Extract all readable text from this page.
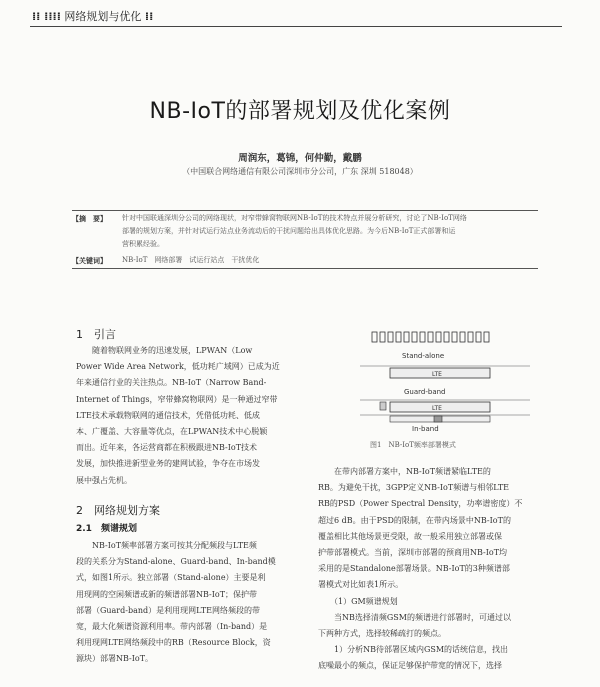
⁞⁞ ⁞⁞⁞⁞ 网络规划与优化 ⁞⁞
NB-IoT的部署规划及优化案例
周润东，葛锦，何仲勤，戴鹏
（中国联合网络通信有限公司深圳市分公司，广东 深圳 518048）
【摘　要】	针对中国联通深圳分公司的网络现状，对窄带蜂窝物联网NB-IoT的技术特点并展分析研究，讨论了NB-IoT网络
部署的规划方案，并针对试运行站点业务流动后的干扰问题给出具体优化思路。为今后NB-IoT正式部署和运
营积累经验。
【关键词】	NB-IoT　网络部署　试运行站点　干扰优化
1　引言
　　随着物联网业务的迅速发展，LPWAN（Low
Power Wide Area Network，低功耗广域网）已成为近
年来通信行业的关注热点。NB-IoT（Narrow Band-
Internet of Things，窄带蜂窝物联网）是一种通过窄带
LTE技术承载物联网的通信技术，凭借低功耗、低成
本、广覆盖、大容量等优点，在LPWAN技术中心脱颖
而出。近年来，各运营商都在积极跟进NB-IoT技术
发展，加快推进新型业务的建网试验，争夺在市场发
展中强占先机。
2　网络规划方案
2.1　频谱规划
　　NB-IoT频率部署方案可按其分配频段与LTE频
段的关系分为Stand-alone、Guard-band、In-band模
式，如图1所示。独立部署（Stand-alone）主要是利
用现网的空闲频谱或新的频谱部署NB-IoT；保护带
部署（Guard-band）是利用现网LTE网络频段的带
宽，最大化频谱资源利用率。带内部署（In-band）是
利用现网LTE网络频段中的RB（Resource Block，资
源块）部署NB-IoT。
Stand-alone
LTE
Guard-band
LTE
In-band
图1　NB-IoT频率部署模式
　　在带内部署方案中，NB-IoT频谱紧临LTE的
RB。为避免干扰，3GPP定义NB-IoT频谱与相邻LTE
RB的PSD（Power Spectral Density，功率谱密度）不
超过6 dB。由于PSD的限制，在带内场景中NB-IoT的
覆盖相比其他场景更受限，故一般采用独立部署或保
护带部署模式。当前，深圳市部署的预商用NB-IoT均
采用的是Standalone部署场景。NB-IoT的3种频谱部
署模式对比如表1所示。
　　（1）GM频谱规划
　　当NB选择清频GSM的频谱进行部署时，可通过以
下两种方式，选择较稀疏打的频点。
　　1）分析NB待部署区域内GSM的话统信息，找出
底噪最小的频点，保证足够保护带宽的情况下，选择
